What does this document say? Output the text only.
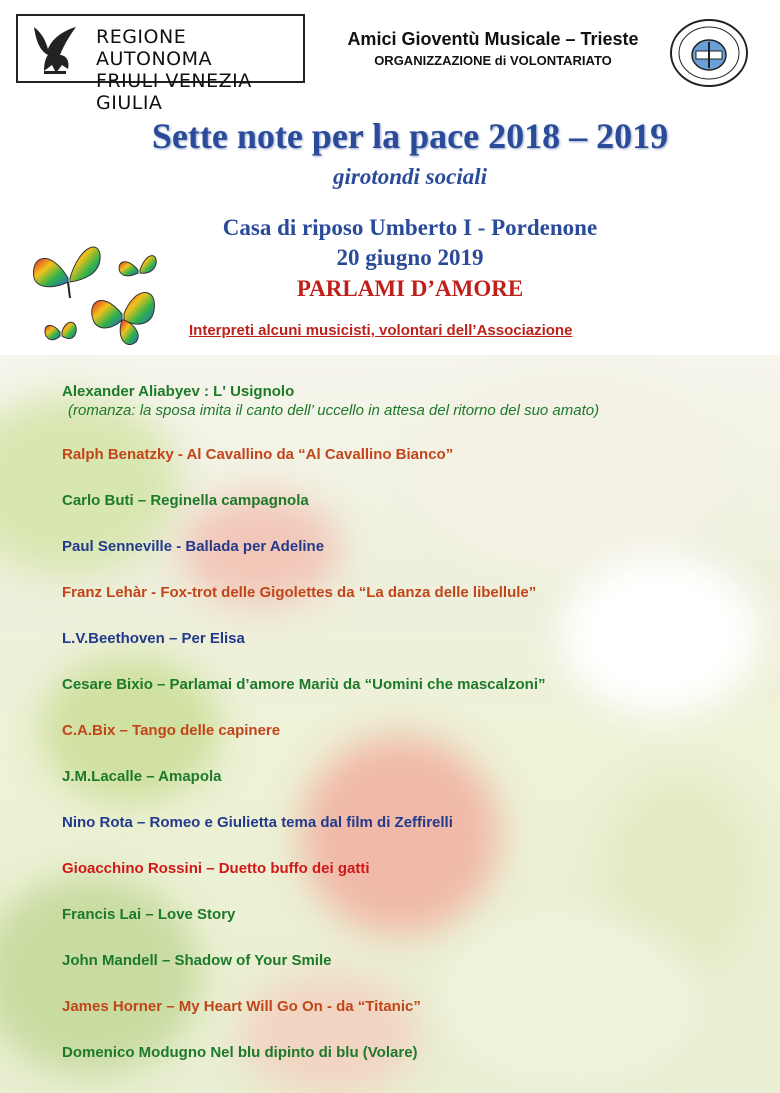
REGIONE AUTONOMA
FRIULI VENEZIA GIULIA
Amici Gioventù Musicale – Trieste
ORGANIZZAZIONE di VOLONTARIATO
Sette note per la pace 2018 – 2019
girotondi sociali
Casa di riposo Umberto I - Pordenone
20 giugno 2019
PARLAMI D’AMORE
Interpreti alcuni musicisti, volontari dell’Associazione
Alexander Aliabyev : L' Usignolo
(romanza: la sposa imita il canto dell’ uccello in attesa del ritorno del suo amato)
Ralph Benatzky - Al Cavallino da “Al Cavallino Bianco”
Carlo Buti – Reginella campagnola
Paul Senneville - Ballada per Adeline
Franz Lehàr - Fox-trot delle Gigolettes da “La danza delle libellule”
L.V.Beethoven – Per Elisa
Cesare Bixio – Parlamai d’amore Mariù da “Uomini che mascalzoni”
C.A.Bix – Tango delle capinere
J.M.Lacalle – Amapola
Nino Rota – Romeo e Giulietta tema dal film di Zeffirelli
Gioacchino Rossini – Duetto buffo dei gatti
Francis Lai – Love Story
John Mandell – Shadow of Your Smile
James Horner – My Heart Will Go On - da “Titanic”
Domenico Modugno Nel blu dipinto di blu (Volare)
